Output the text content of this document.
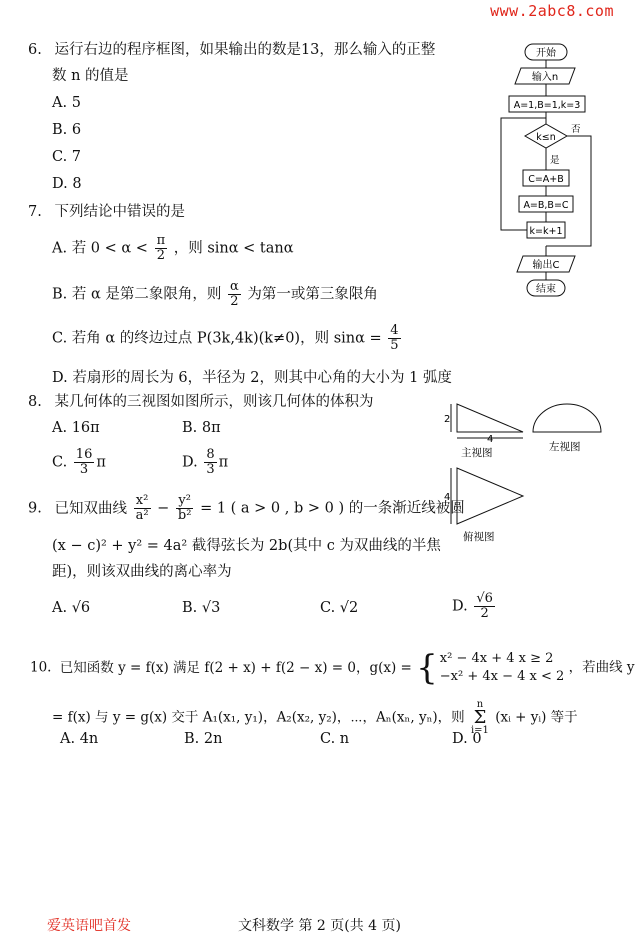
www.2abc8.com
6. 运行右边的程序框图，如果输出的数是13，那么输入的正整
数 n 的值是
A. 5
B. 6
C. 7
D. 8
开始
输入n
A=1,B=1,k=3
k≤n
否
是
C=A+B
A=B,B=C
k=k+1
输出C
结束
7. 下列结论中错误的是
A. 若 $0 < \alpha < \frac{\pi}{2}$ ，则 sinα < tanα
B. 若 α 是第二象限角，则 $\frac{\alpha}{2}$ 为第一或第三象限角
C. 若角 α 的终边过点 P(3k,4k)(k≠0)，则 $\sin\alpha = \frac{4}{5}$
D. 若扇形的周长为 6，半径为 2，则其中心角的大小为 1 弧度
8. 某几何体的三视图如图所示，则该几何体的体积为
A. 16π	B. 8π
C. $\frac{16}{3}$ π	D. $\frac{8}{3}$ π
2
4
4
主视图	左视图
俯视图
9. 已知双曲线 $\frac{\text{x²}}{\text{a²}} - \frac{\text{y²}}{\text{b²}} = 1$ ( a > 0 , b > 0 ) 的一条渐近线被圆
(x − c)² + y² = 4a² 截得弦长为 2b(其中 c 为双曲线的半焦
距)，则该双曲线的离心率为
A. √6	B. √3	C. √2	D. $\frac{√6}{2}$
10. 已知函数 y = f(x) 满足 f(2 + x) + f(2 − x) = 0，g(x) = { x² − 4x + 4 x ≥ 2
−x² + 4x − 4 x < 2
，若曲线 y
= f(x) 与 y = g(x) 交于 A₁(x₁, y₁)，A₂(x₂, y₂)，⋯，Aₙ(xₙ, yₙ)，则
n
Σ
i=1
(xᵢ + yᵢ) 等于
A. 4n	B. 2n	C. n	D. 0
爱英语吧首发	文科数学 第 2 页(共 4 页)
